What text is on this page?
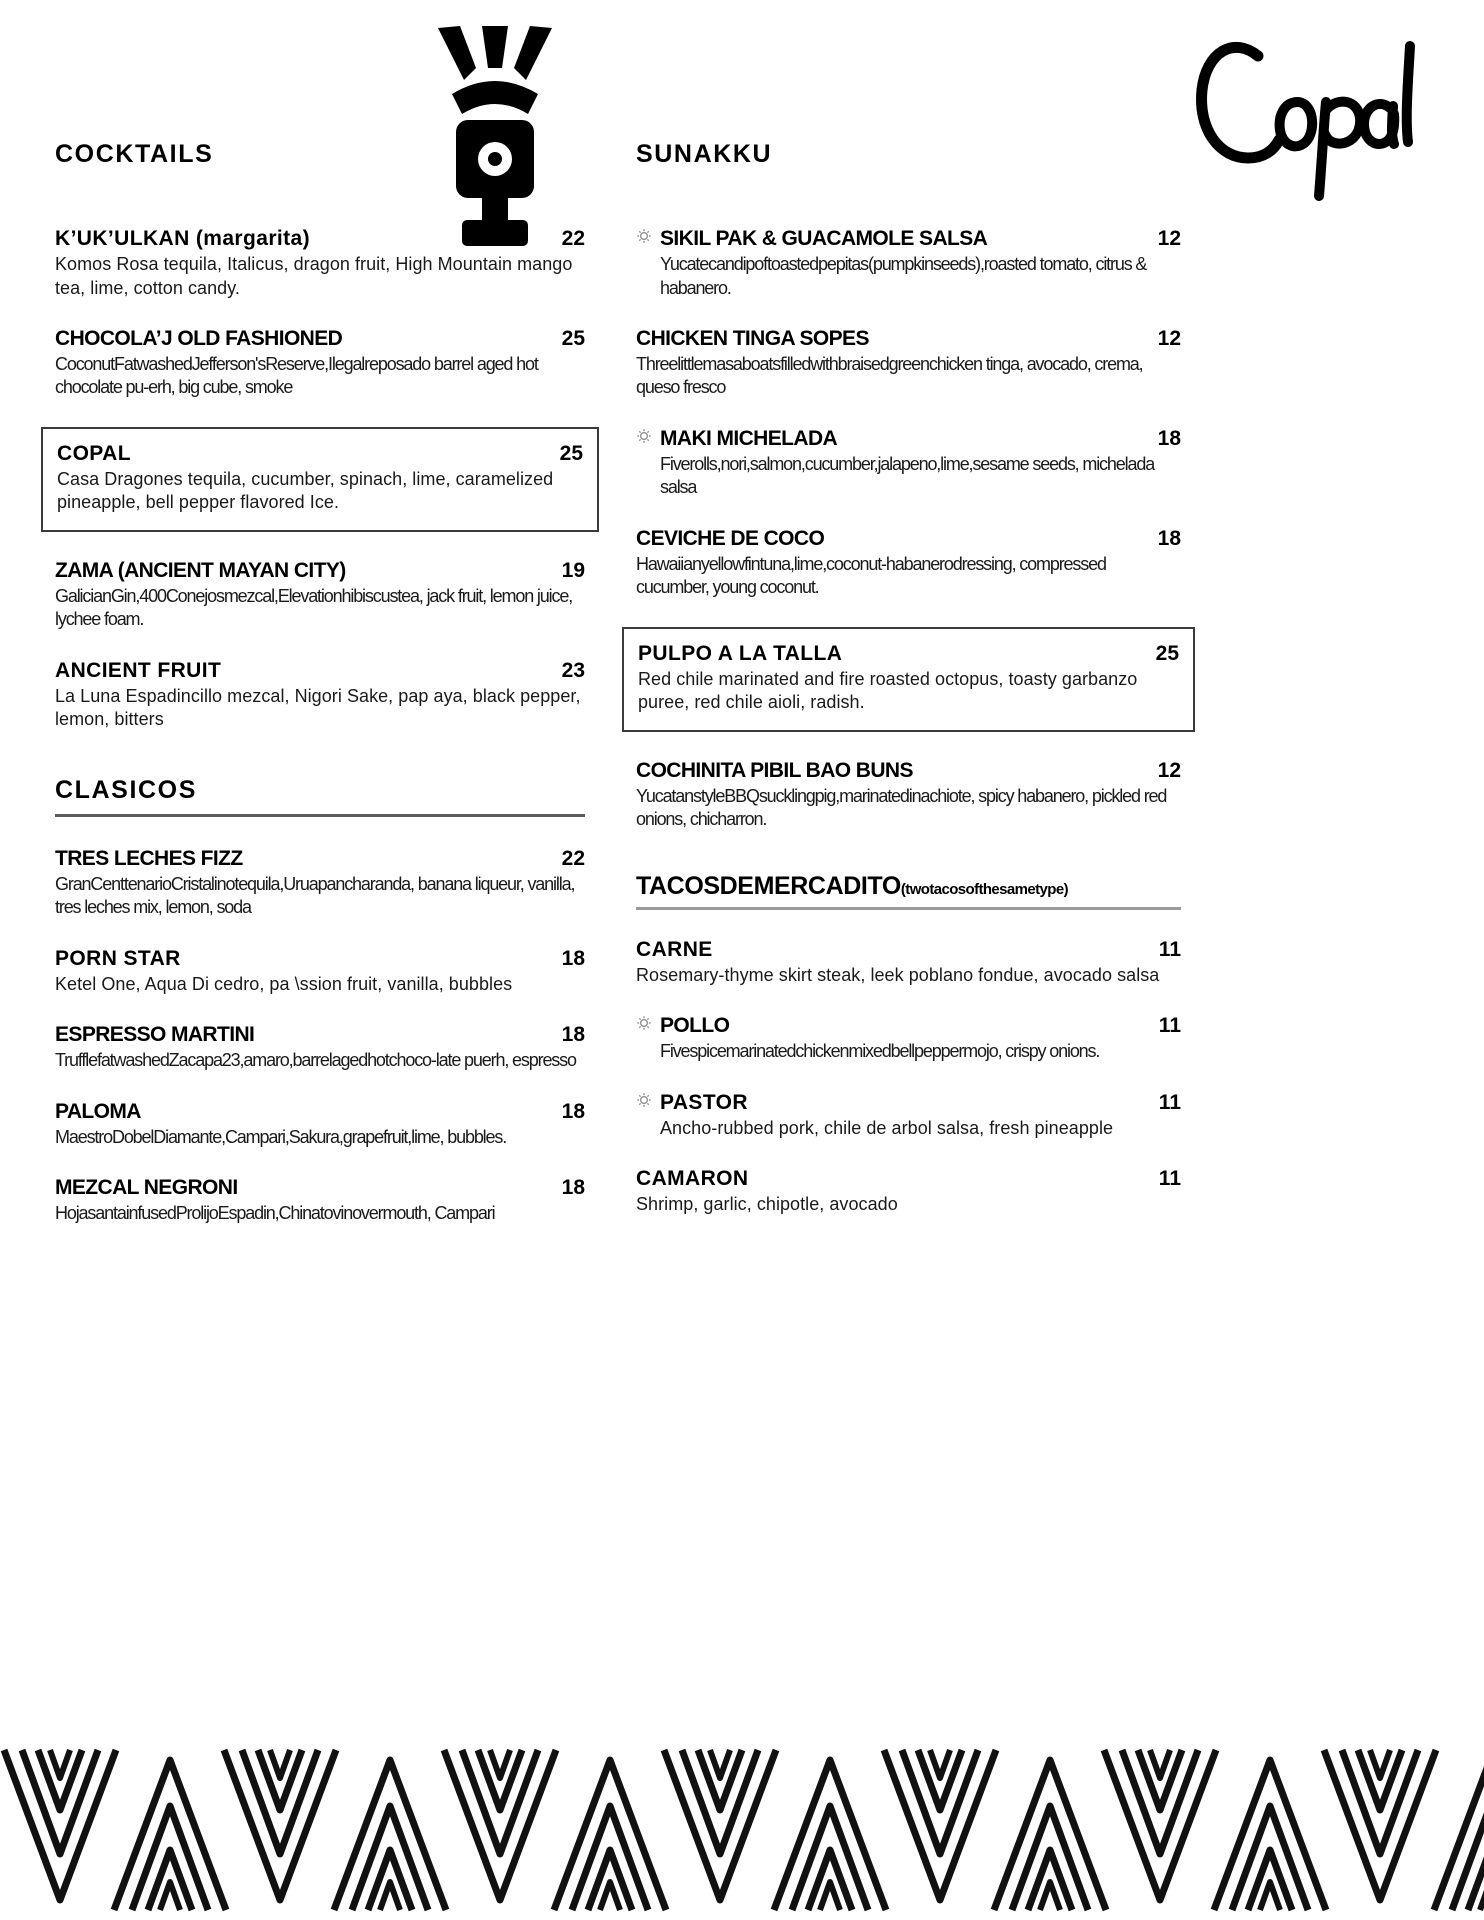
COCKTAILS
K’UK’ULKAN (margarita)	22
Komos Rosa tequila, Italicus, dragon fruit, High Mountain mango tea, lime, cotton candy.
CHOCOLA’J OLD FASHIONED	25
CoconutFatwashedJefferson'sReserve,Ilegalreposado barrel aged hot chocolate pu-erh, big cube, smoke
COPAL	25
Casa Dragones tequila, cucumber, spinach, lime, caramelized pineapple, bell pepper flavored Ice.
ZAMA (ANCIENT MAYAN CITY)	19
GalicianGin,400Conejosmezcal,Elevationhibiscustea, jack fruit, lemon juice, lychee foam.
ANCIENT FRUIT	23
La Luna Espadincillo mezcal, Nigori Sake, pap aya, black pepper, lemon, bitters
CLASICOS
TRES LECHES FIZZ	22
GranCenttenarioCristalinotequila,Uruapancharanda, banana liqueur, vanilla, tres leches mix, lemon, soda
PORN STAR	18
Ketel One, Aqua Di cedro, pa \ssion fruit, vanilla, bubbles
ESPRESSO MARTINI	18
TrufflefatwashedZacapa23,amaro,barrelagedhotchoco-late puerh, espresso
PALOMA	18
MaestroDobelDiamante,Campari,Sakura,grapefruit,lime, bubbles.
MEZCAL NEGRONI	18
HojasantainfusedProlijoEspadin,Chinatovinovermouth, Campari
SUNAKKU
SIKIL PAK & GUACAMOLE SALSA	12
Yucatecandipoftoastedpepitas(pumpkinseeds),roasted tomato, citrus & habanero.
CHICKEN TINGA SOPES	12
Threelittlemasaboatsfilledwithbraisedgreenchicken tinga, avocado, crema, queso fresco
MAKI MICHELADA	18
Fiverolls,nori,salmon,cucumber,jalapeno,lime,sesame seeds, michelada salsa
CEVICHE DE COCO	18
Hawaiianyellowfintuna,lime,coconut-habanerodressing, compressed cucumber, young coconut.
PULPO A LA TALLA	25
Red chile marinated and fire roasted octopus, toasty garbanzo puree, red chile aioli, radish.
COCHINITA PIBIL BAO BUNS	12
YucatanstyleBBQsucklingpig,marinatedinachiote, spicy habanero, pickled red onions, chicharron.
TACOSDEMERCADITO (twotacosofthesametype)
CARNE	11
Rosemary-thyme skirt steak, leek poblano fondue, avocado salsa
POLLO	11
Fivespicemarinatedchickenmixedbellpeppermojo, crispy onions.
PASTOR	11
Ancho-rubbed pork, chile de arbol salsa, fresh pineapple
CAMARON	11
Shrimp, garlic, chipotle, avocado
